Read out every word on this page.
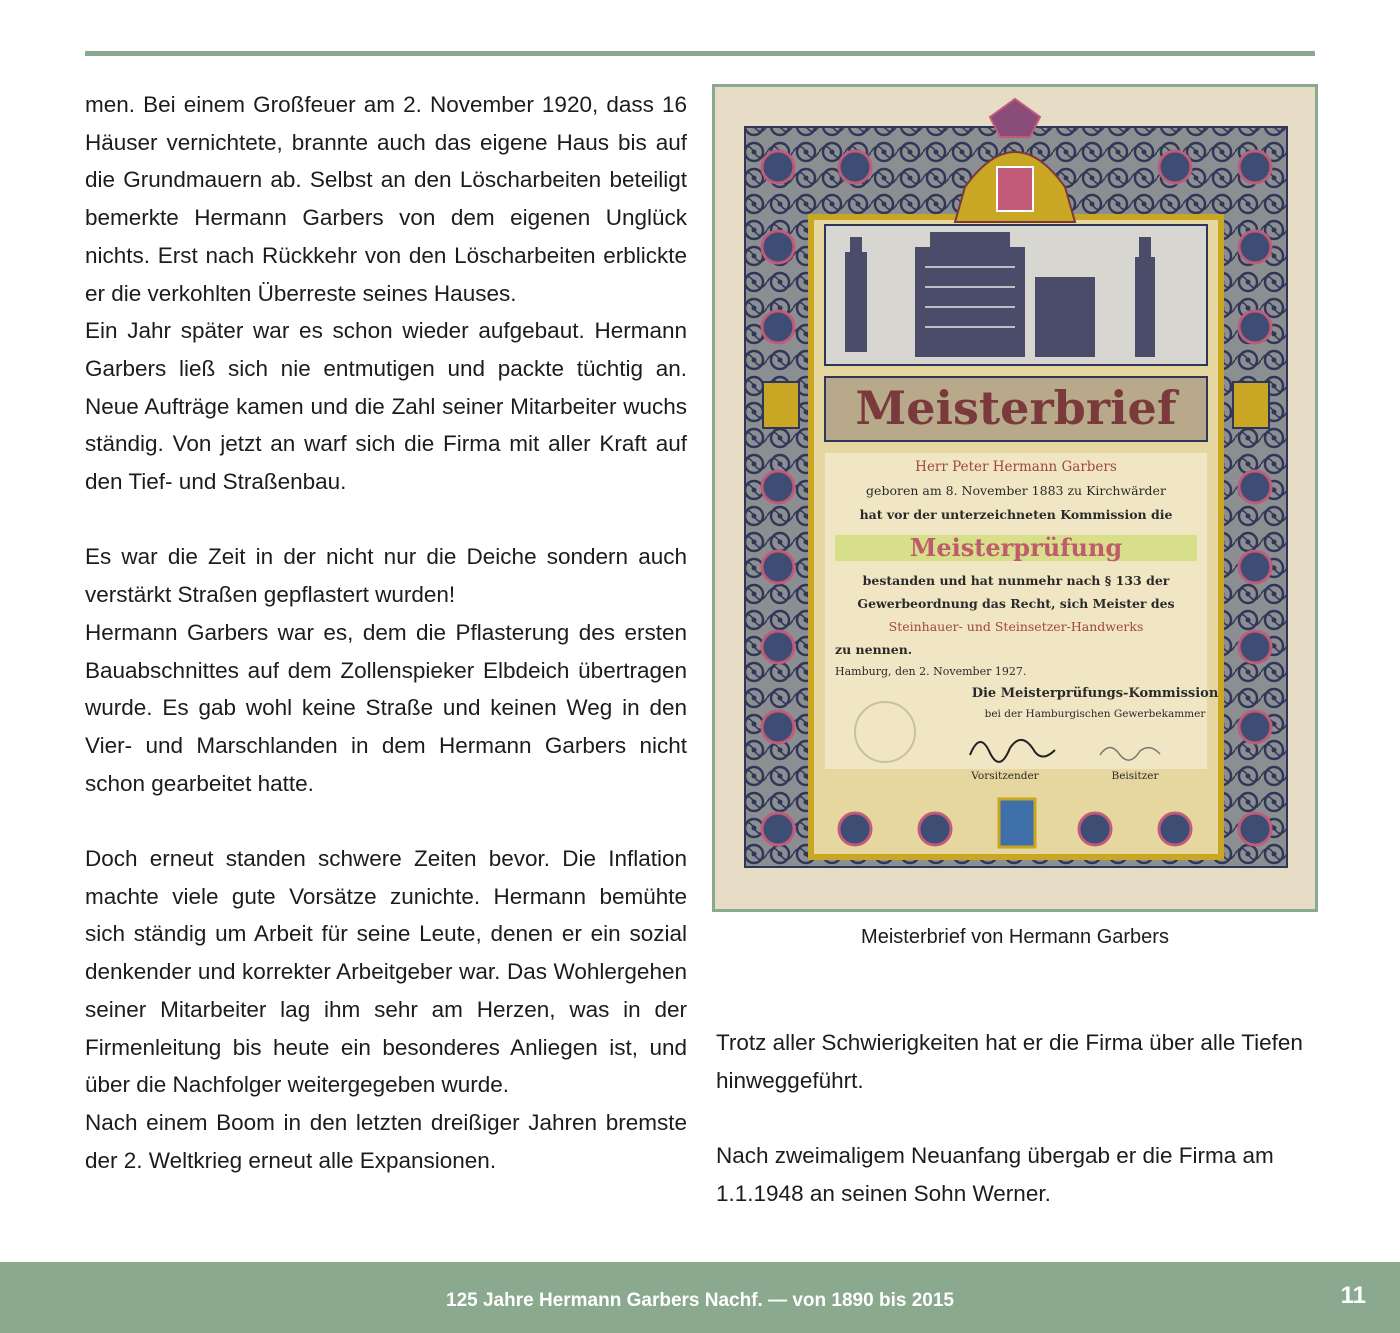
men. Bei einem Großfeuer am 2. November 1920, dass 16 Häuser vernichtete, brannte auch das eigene Haus bis auf die Grundmauern ab. Selbst an den Löscharbeiten beteiligt bemerkte Hermann Garbers von dem eigenen Unglück nichts. Erst nach Rückkehr von den Löscharbeiten erblickte er die verkohlten Überreste seines Hauses.

Ein Jahr später war es schon wieder aufgebaut. Hermann Garbers ließ sich nie entmutigen und packte tüchtig an. Neue Aufträge kamen und die Zahl seiner Mitarbeiter wuchs ständig. Von jetzt an warf sich die Firma mit aller Kraft auf den Tief- und Straßenbau.

Es war die Zeit in der nicht nur die Deiche sondern auch verstärkt Straßen gepflastert wurden!

Hermann Garbers war es, dem die Pflasterung des ersten Bauabschnittes auf dem Zollenspieker Elbdeich übertragen wurde. Es gab wohl keine Straße und keinen Weg in den Vier- und Marschlanden in dem Hermann Garbers nicht schon gearbeitet hatte.

Doch erneut standen schwere Zeiten bevor. Die Inflation machte viele gute Vorsätze zunichte. Hermann bemühte sich ständig um Arbeit für seine Leute, denen er ein sozial denkender und korrekter Arbeitgeber war. Das Wohlergehen seiner Mitarbeiter lag ihm sehr am Herzen, was in der Firmenleitung bis heute ein besonderes Anliegen ist, und über die Nachfolger weitergegeben wurde.

Nach einem Boom in den letzten dreißiger Jahren bremste der 2. Weltkrieg erneut alle Expansionen.

Meisterbrief
Herr Peter Hermann Garbers
geboren am 8. November 1883 zu Kirchwärder
hat vor der unterzeichneten Kommission die
Meisterprüfung
bestanden und hat nunmehr nach § 133 der
Gewerbeordnung das Recht, sich Meister des
Steinhauer- und Steinsetzer-Handwerks
zu nennen.
Hamburg, den 2. November 1927.
Die Meisterprüfungs-Kommission
bei der Hamburgischen Gewerbekammer
Vorsitzender	Beisitzer
Meisterbrief von Hermann Garbers

Trotz aller Schwierigkeiten hat er die Firma über alle Tiefen hinweggeführt.

Nach zweimaligem Neuanfang übergab er die Firma am 1.1.1948 an seinen Sohn Werner.

125 Jahre Hermann Garbers Nachf. — von 1890 bis 2015	11
